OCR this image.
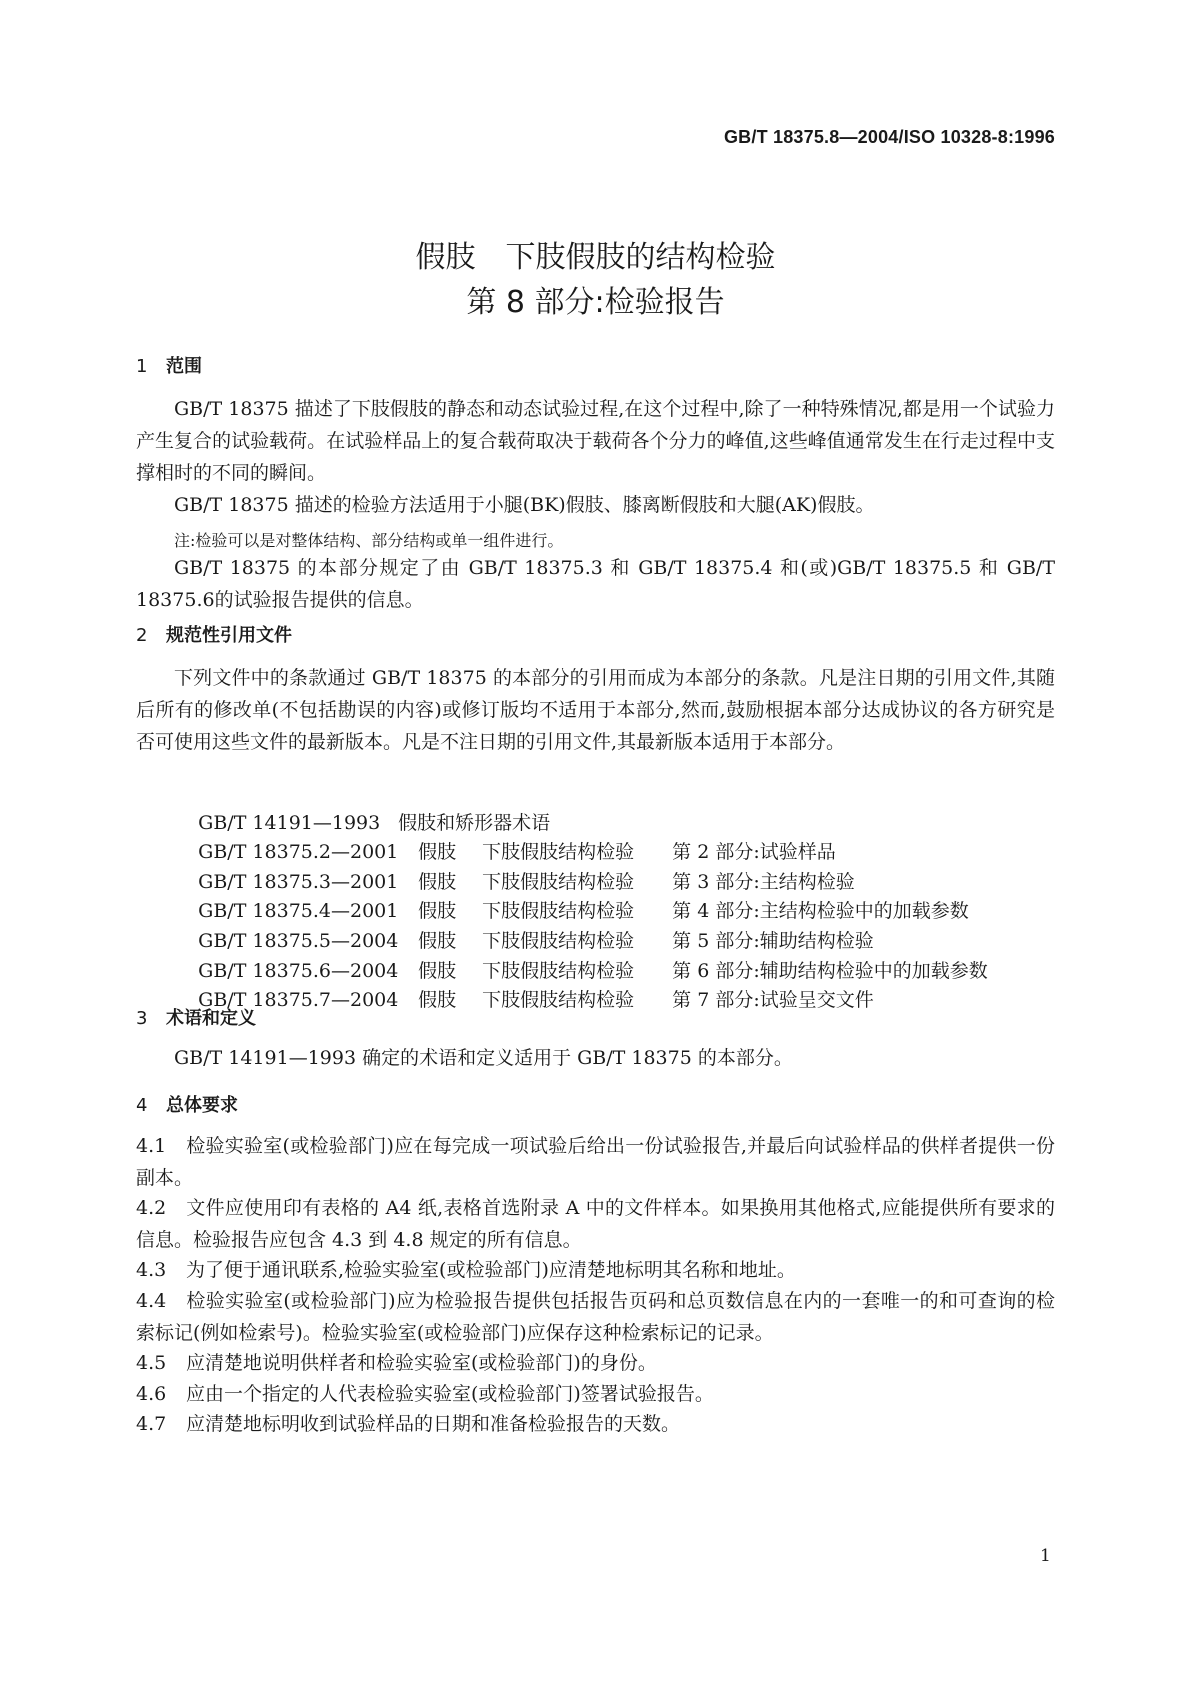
GB/T 18375.8—2004/ISO 10328-8:1996
假肢　下肢假肢的结构检验
第 8 部分:检验报告
1 范围
GB/T 18375 描述了下肢假肢的静态和动态试验过程,在这个过程中,除了一种特殊情况,都是用一个试验力产生复合的试验载荷。在试验样品上的复合载荷取决于载荷各个分力的峰值,这些峰值通常发生在行走过程中支撑相时的不同的瞬间。
GB/T 18375 描述的检验方法适用于小腿(BK)假肢、膝离断假肢和大腿(AK)假肢。
注:检验可以是对整体结构、部分结构或单一组件进行。
GB/T 18375 的本部分规定了由 GB/T 18375.3 和 GB/T 18375.4 和(或)GB/T 18375.5 和 GB/T 18375.6的试验报告提供的信息。
2 规范性引用文件
下列文件中的条款通过 GB/T 18375 的本部分的引用而成为本部分的条款。凡是注日期的引用文件,其随后所有的修改单(不包括勘误的内容)或修订版均不适用于本部分,然而,鼓励根据本部分达成协议的各方研究是否可使用这些文件的最新版本。凡是不注日期的引用文件,其最新版本适用于本部分。

GB/T 14191—1993 假肢和矫形器术语

GB/T 18375.2—2001 假肢 下肢假肢结构检验 第 2 部分:试验样品

GB/T 18375.3—2001 假肢 下肢假肢结构检验 第 3 部分:主结构检验

GB/T 18375.4—2001 假肢 下肢假肢结构检验 第 4 部分:主结构检验中的加载参数

GB/T 18375.5—2004 假肢 下肢假肢结构检验 第 5 部分:辅助结构检验

GB/T 18375.6—2004 假肢 下肢假肢结构检验 第 6 部分:辅助结构检验中的加载参数

GB/T 18375.7—2004 假肢 下肢假肢结构检验 第 7 部分:试验呈交文件

3 术语和定义
GB/T 14191—1993 确定的术语和定义适用于 GB/T 18375 的本部分。
4 总体要求
4.1 检验实验室(或检验部门)应在每完成一项试验后给出一份试验报告,并最后向试验样品的供样者提供一份副本。
4.2 文件应使用印有表格的 A4 纸,表格首选附录 A 中的文件样本。如果换用其他格式,应能提供所有要求的信息。检验报告应包含 4.3 到 4.8 规定的所有信息。
4.3 为了便于通讯联系,检验实验室(或检验部门)应清楚地标明其名称和地址。
4.4 检验实验室(或检验部门)应为检验报告提供包括报告页码和总页数信息在内的一套唯一的和可查询的检索标记(例如检索号)。检验实验室(或检验部门)应保存这种检索标记的记录。
4.5 应清楚地说明供样者和检验实验室(或检验部门)的身份。
4.6 应由一个指定的人代表检验实验室(或检验部门)签署试验报告。
4.7 应清楚地标明收到试验样品的日期和准备检验报告的天数。
1
